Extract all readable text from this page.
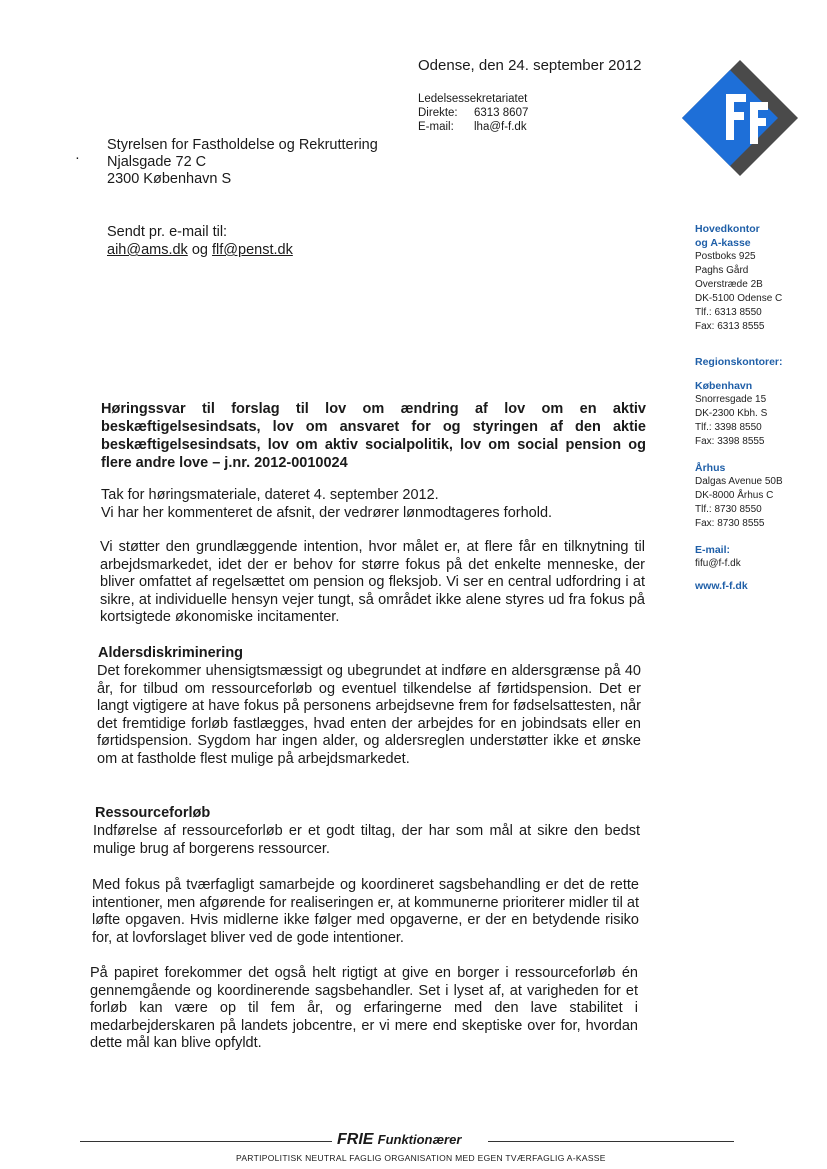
Odense, den 24. september 2012
Ledelsessekretariatet
Direkte: 6313 8607
E-mail: lha@f-f.dk
·
Styrelsen for Fastholdelse og Rekruttering
Njalsgade 72 C
2300 København S
Sendt pr. e-mail til:
aih@ams.dk og flf@penst.dk
Hovedkontor
og A-kasse
Postboks 925
Paghs Gård
Overstræde 2B
DK-5100 Odense C
Tlf.: 6313 8550
Fax: 6313 8555
Regionskontorer:
København
Snorresgade 15
DK-2300 Kbh. S
Tlf.: 3398 8550
Fax: 3398 8555
Århus
Dalgas Avenue 50B
DK-8000 Århus C
Tlf.: 8730 8550
Fax: 8730 8555
E-mail:
fifu@f-f.dk
www.f-f.dk
Høringssvar til forslag til lov om ændring af lov om en aktiv beskæftigelsesindsats, lov om ansvaret for og styringen af den aktie beskæftigelsesindsats, lov om aktiv socialpolitik, lov om social pension og flere andre love – j.nr. 2012-0010024
Tak for høringsmateriale, dateret 4. september 2012.
Vi har her kommenteret de afsnit, der vedrører lønmodtageres forhold.

Vi støtter den grundlæggende intention, hvor målet er, at flere får en tilknytning til arbejdsmarkedet, idet der er behov for større fokus på det enkelte menneske, der bliver omfattet af regelsættet om pension og fleksjob. Vi ser en central udfordring i at sikre, at individuelle hensyn vejer tungt, så området ikke alene styres ud fra fokus på kortsigtede økonomiske incitamenter.

Aldersdiskriminering

Det forekommer uhensigtsmæssigt og ubegrundet at indføre en aldersgrænse på 40 år, for tilbud om ressourceforløb og eventuel tilkendelse af førtidspension. Det er langt vigtigere at have fokus på personens arbejdsevne frem for fødselsattesten, når det fremtidige forløb fastlægges, hvad enten der arbejdes for en jobindsats eller en førtidspension. Sygdom har ingen alder, og aldersreglen understøtter ikke et ønske om at fastholde flest mulige på arbejdsmarkedet.

Ressourceforløb

Indførelse af ressourceforløb er et godt tiltag, der har som mål at sikre den bedst mulige brug af borgerens ressourcer.

Med fokus på tværfagligt samarbejde og koordineret sagsbehandling er det de rette intentioner, men afgørende for realiseringen er, at kommunerne prioriterer midler til at løfte opgaven. Hvis midlerne ikke følger med opgaverne, er der en betydende risiko for, at lovforslaget bliver ved de gode intentioner.

På papiret forekommer det også helt rigtigt at give en borger i ressourceforløb én gennemgående og koordinerende sagsbehandler. Set i lyset af, at varigheden for et forløb kan være op til fem år, og erfaringerne med den lave stabilitet i medarbejderskaren på landets jobcentre, er vi mere end skeptiske over for, hvordan dette mål kan blive opfyldt.

FRIE Funktionærer
PARTIPOLITISK NEUTRAL FAGLIG ORGANISATION MED EGEN TVÆRFAGLIG A-KASSE
